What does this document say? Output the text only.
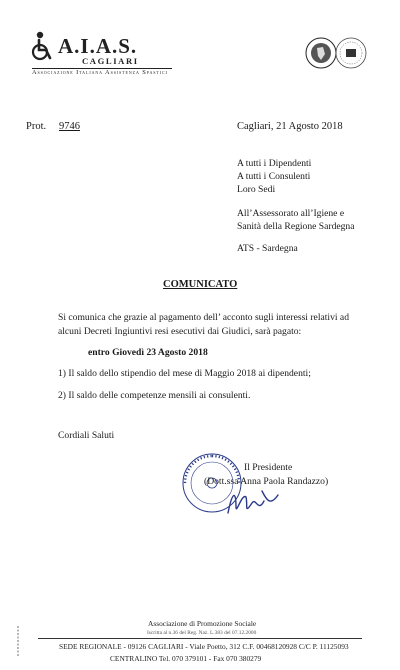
A.I.A.S.
CAGLIARI
Associazione Italiana Assistenza Spastici
Prot. 9746	Cagliari, 21 Agosto 2018
A tutti i Dipendenti
A tutti i Consulenti
Loro Sedi
All’Assessorato all’Igiene e
Sanità della Regione Sardegna
ATS - Sardegna
COMUNICATO
Si comunica che grazie al pagamento dell’ acconto sugli interessi relativi ad
alcuni Decreti Ingiuntivi resi esecutivi dai Giudici, sarà pagato:
entro Giovedì 23 Agosto 2018
1) Il saldo dello stipendio del mese di Maggio 2018 ai dipendenti;
2) Il saldo delle competenze mensili ai consulenti.
Cordiali Saluti
Il Presidente
(Dott.ssa Anna Paola Randazzo)
Associazione di Promozione Sociale
Iscritta al n.36 del Reg. Naz. L.383 del 07.12.2000
SEDE REGIONALE - 09126 CAGLIARI - Viale Poetto, 312 C.F. 00468120928 C/C P. 11125093
CENTRALINO Tel. 070 379101 - Fax 070 380279
